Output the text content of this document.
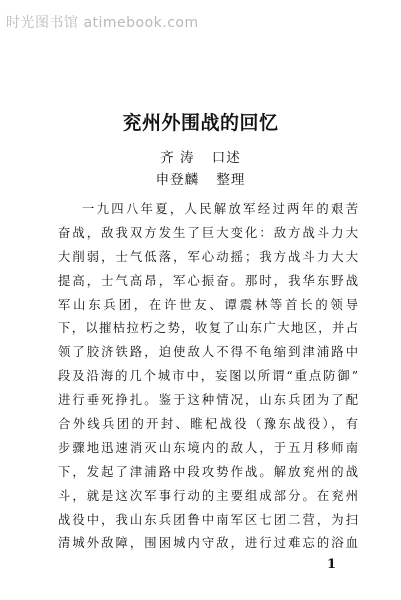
时光图书馆 atimebook.com
兖州外围战的回忆
齐 涛 口述
申登麟 整理
一九四八年夏，人民解放军经过两年的艰苦
奋战，敌我双方发生了巨大变化：敌方战斗力大
大削弱，士气低落，军心动摇；我方战斗力大大
提高，士气高昂，军心振奋。那时，我华东野战
军山东兵团，在许世友、谭震林等首长的领导
下，以摧枯拉朽之势，收复了山东广大地区，并占
领了胶济铁路，迫使敌人不得不龟缩到津浦路中
段及沿海的几个城市中，妄图以所谓“重点防御”
进行垂死挣扎。鉴于这种情况，山东兵团为了配
合外线兵团的开封、睢杞战役（豫东战役），有
步骤地迅速消灭山东境内的敌人，于五月移师南
下，发起了津浦路中段攻势作战。解放兖州的战
斗，就是这次军事行动的主要组成部分。在兖州
战役中，我山东兵团鲁中南军区七团二营，为扫
清城外敌障，围困城内守敌，进行过难忘的浴血
1
